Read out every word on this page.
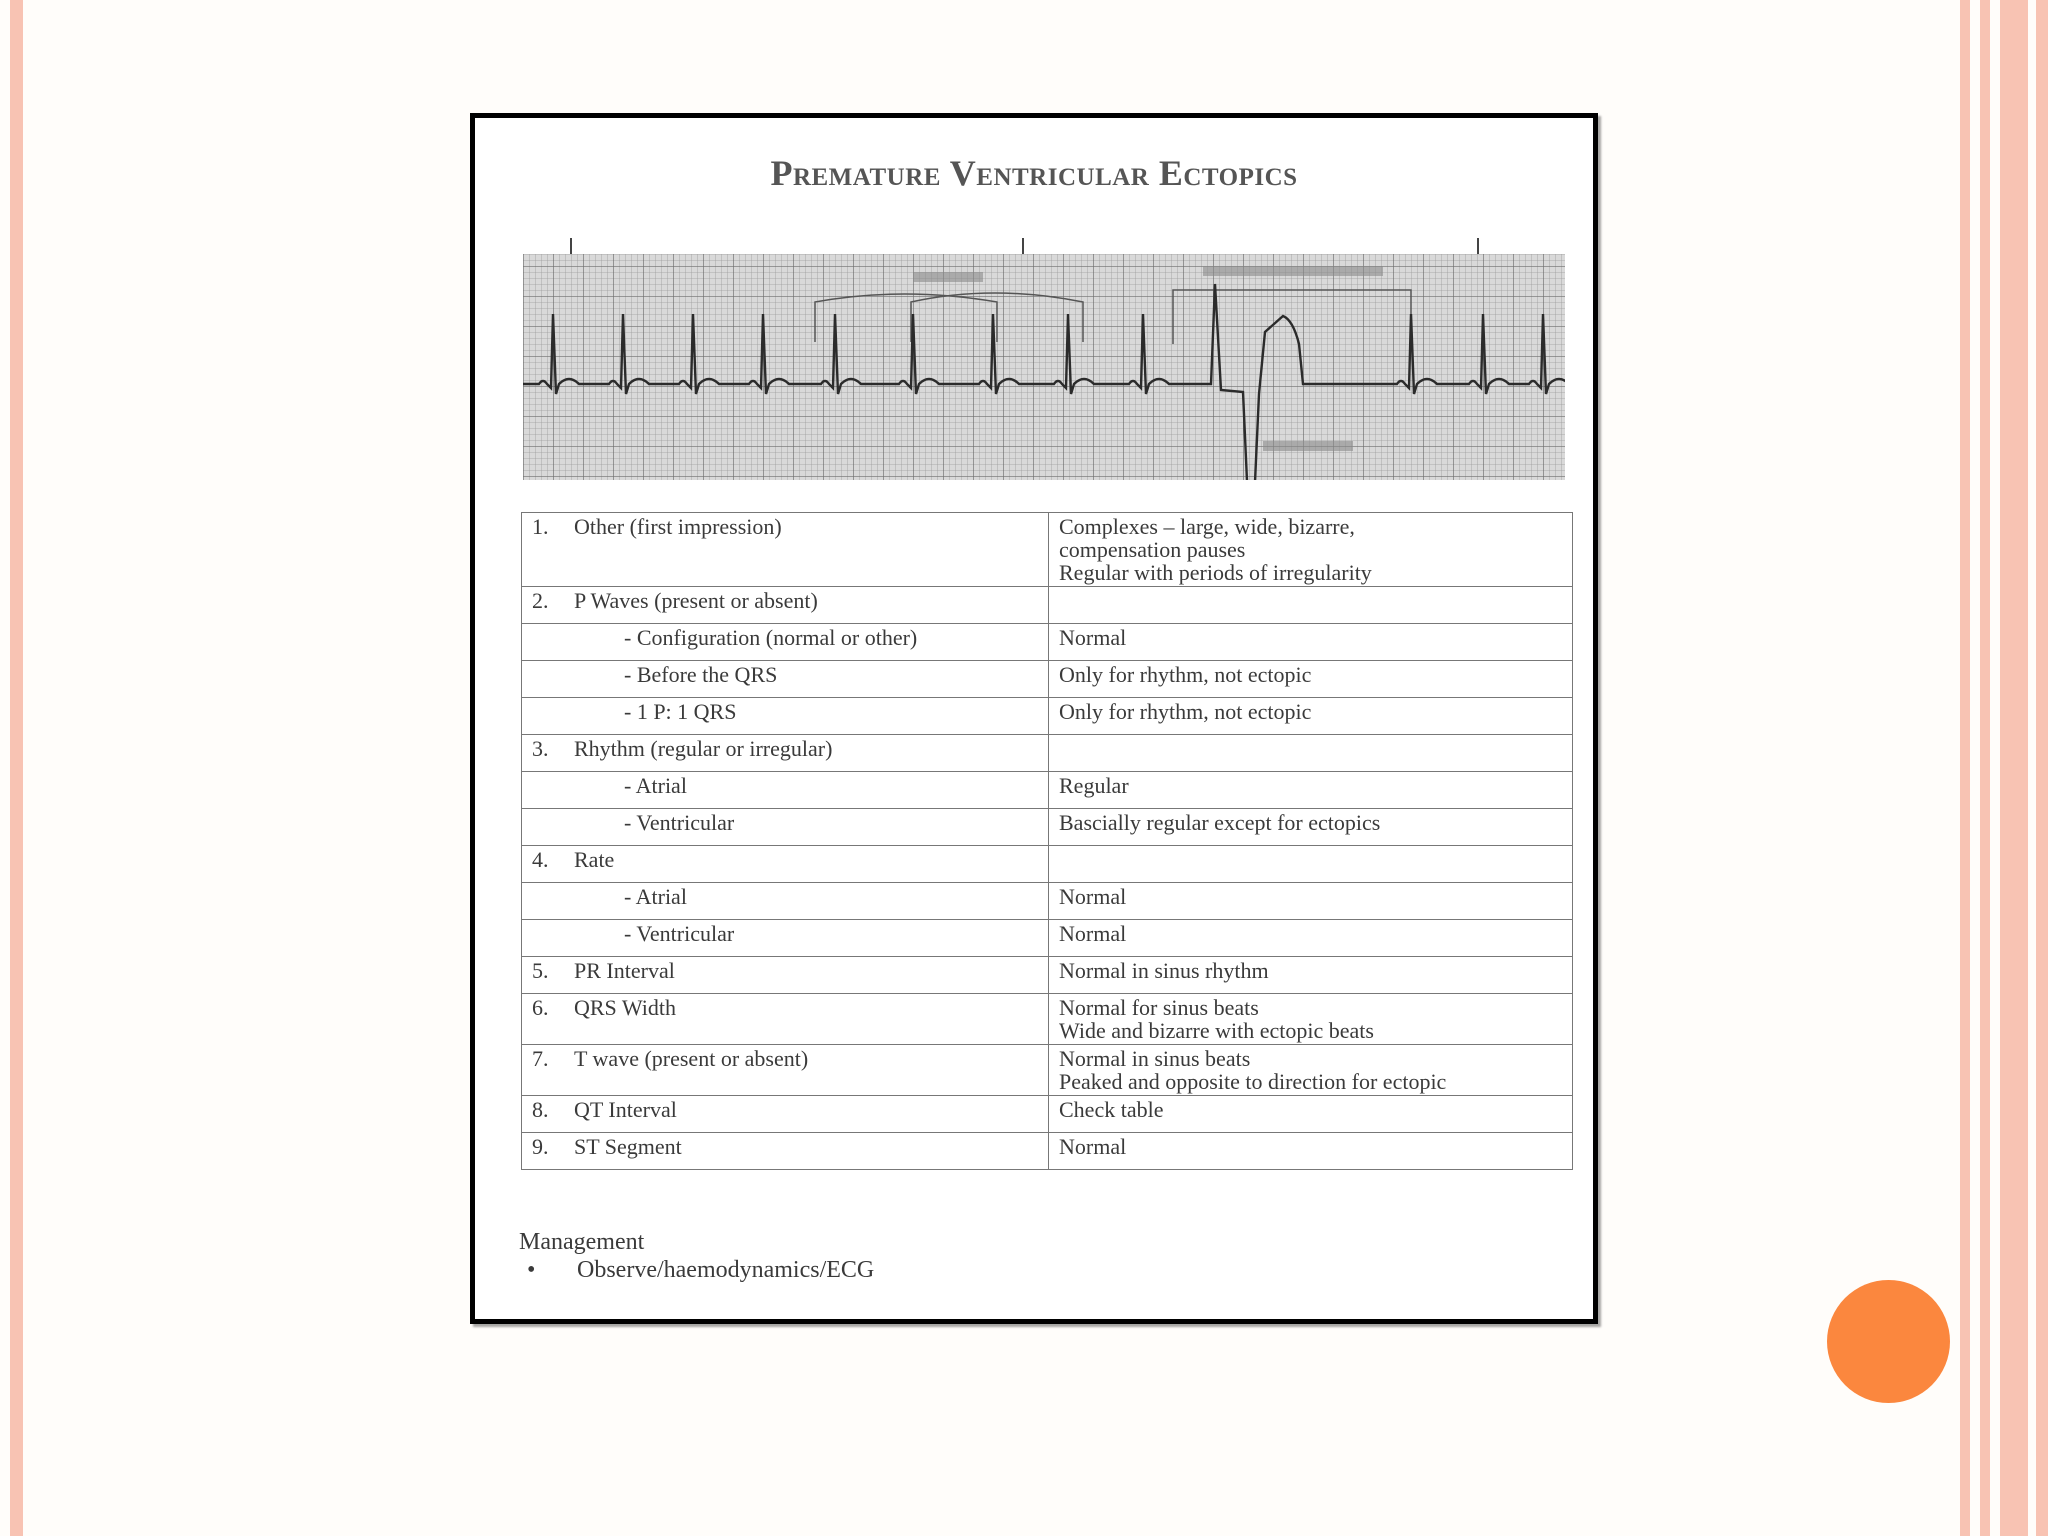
Premature Ventricular Ectopics
1. Other (first impression)	Complexes – large, wide, bizarre,
compensation pauses
Regular with periods of irregularity

2. P Waves (present or absent)	

- Configuration (normal or other)	Normal

- Before the QRS	Only for rhythm, not ectopic

- 1 P: 1 QRS	Only for rhythm, not ectopic

3. Rhythm (regular or irregular)	

- Atrial	Regular

- Ventricular	Bascially regular except for ectopics

4. Rate	

- Atrial	Normal

- Ventricular	Normal

5. PR Interval	Normal in sinus rhythm

6. QRS Width	Normal for sinus beats
Wide and bizarre with ectopic beats

7. T wave (present or absent)	Normal in sinus beats
Peaked and opposite to direction for ectopic

8. QT Interval	Check table

9. ST Segment	Normal
Management
• Observe/haemodynamics/ECG
